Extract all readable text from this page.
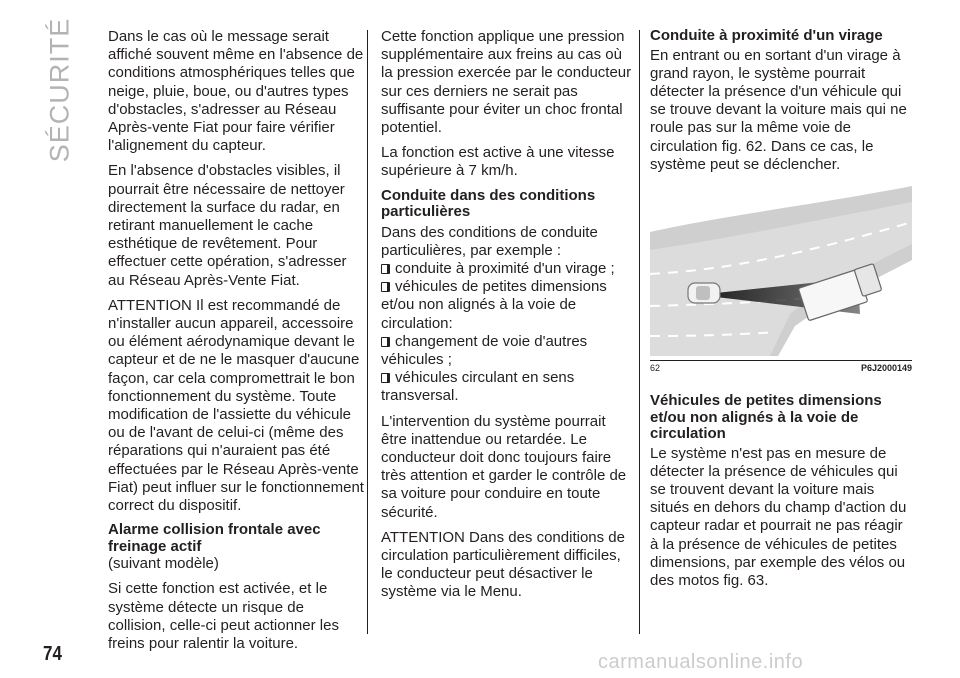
SÉCURITÉ Dans le cas où le message serait affiché souvent même en l'absence de conditions atmosphériques telles que neige, pluie, boue, ou d'autres types d'obstacles, s'adresser au Réseau Après-vente Fiat pour faire vérifier l'alignement du capteur.

En l'absence d'obstacles visibles, il pourrait être nécessaire de nettoyer directement la surface du radar, en retirant manuellement le cache esthétique de revêtement. Pour effectuer cette opération, s'adresser au Réseau Après-Vente Fiat.

ATTENTION Il est recommandé de n'installer aucun appareil, accessoire ou élément aérodynamique devant le capteur et de ne le masquer d'aucune façon, car cela compromettrait le bon fonctionnement du système. Toute modification de l'assiette du véhicule ou de l'avant de celui-ci (même des réparations qui n'auraient pas été effectuées par le Réseau Après-vente Fiat) peut influer sur le fonctionnement correct du dispositif.

Alarme collision frontale avec freinage actif

(suivant modèle)

Si cette fonction est activée, et le système détecte un risque de collision, celle-ci peut actionner les freins pour ralentir la voiture.

Cette fonction applique une pression supplémentaire aux freins au cas où la pression exercée par le conducteur sur ces derniers ne serait pas suffisante pour éviter un choc frontal potentiel.

La fonction est active à une vitesse supérieure à 7 km/h.

Conduite dans des conditions particulières
Dans des conditions de conduite particulières, par exemple :
conduite à proximité d'un virage ;
véhicules de petites dimensions et/ou non alignés à la voie de circulation:
changement de voie d'autres véhicules ;
véhicules circulant en sens transversal.

L'intervention du système pourrait être inattendue ou retardée. Le conducteur doit donc toujours faire très attention et garder le contrôle de sa voiture pour conduire en toute sécurité.

ATTENTION Dans des conditions de circulation particulièrement difficiles, le conducteur peut désactiver le système via le Menu.

Conduite à proximité d'un virage

En entrant ou en sortant d'un virage à grand rayon, le système pourrait détecter la présence d'un véhicule qui se trouve devant la voiture mais qui ne roule pas sur la même voie de circulation fig. 62. Dans ce cas, le système peut se déclencher.

62	P6J2000149
Véhicules de petites dimensions et/ou non alignés à la voie de circulation

Le système n'est pas en mesure de détecter la présence de véhicules qui se trouvent devant la voiture mais situés en dehors du champ d'action du capteur radar et pourrait ne pas réagir à la présence de véhicules de petites dimensions, par exemple des vélos ou des motos fig. 63.

74	carmanualsonline.info
